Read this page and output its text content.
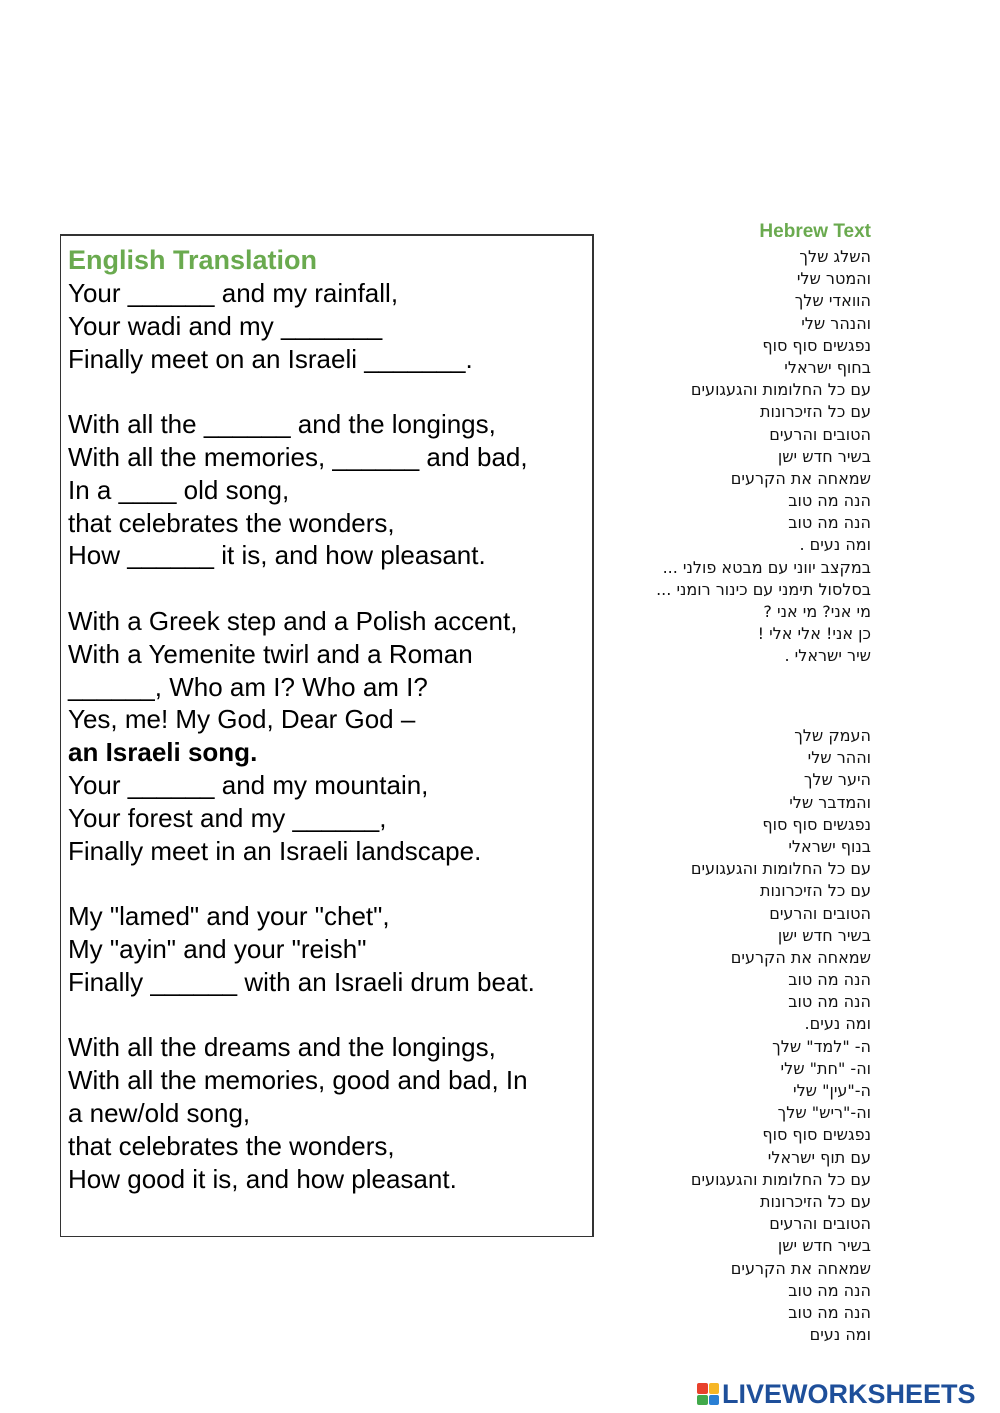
English Translation
Your ______ and my rainfall,
Your wadi and my _______
Finally meet on an Israeli _______.
With all the ______ and the longings,
With all the memories, ______ and bad,
In a ____ old song,
that celebrates the wonders,
How ______ it is, and how pleasant.
With a Greek step and a Polish accent,
With a Yemenite twirl and a Roman
______, Who am I? Who am I?
Yes, me! My God, Dear God –
an Israeli song.
Your ______ and my mountain,
Your forest and my ______,
Finally meet in an Israeli landscape.
My "lamed" and your "chet",
My "ayin" and your "reish"
Finally ______ with an Israeli drum beat.
With all the dreams and the longings,
With all the memories, good and bad, In
a new/old song,
that celebrates the wonders,
How good it is, and how pleasant.
Hebrew Text
השלג שלך
והמטר שלי
הוואדי שלך
והנהר שלי
נפגשים סוף סוף
בחוף ישראלי
עם כל החלומות והגעגועים
עם כל הזיכרונות
הטובים והרעים
בשיר חדש ישן
שמאחה את הקרעים
הנה מה טוב
הנה מה טוב
ומה נעים .
במקצב יווני עם מבטא פולני ...
בסלסול תימני עם כינור רומני ...
מי אני? מי אני ?
כן אני! אלי אלי !
שיר ישראלי .
העמק שלך
וההר שלי
היער שלך
והמדבר שלי
נפגשים סוף סוף
בנוף ישראלי
עם כל החלומות והגעגועים
עם כל הזיכרונות
הטובים והרעים
בשיר חדש ישן
שמאחה את הקרעים
הנה מה טוב
הנה מה טוב
ומה נעים.
ה- "למד" שלך
וה- "חת" שלי
ה-"עין" שלי
וה-"ריש" שלך
נפגשים סוף סוף
עם תוף ישראלי
עם כל החלומות והגעגועים
עם כל הזיכרונות
הטובים והרעים
בשיר חדש ישן
שמאחה את הקרעים
הנה מה טוב
הנה מה טוב
ומה נעים
LIVEWORKSHEETS
